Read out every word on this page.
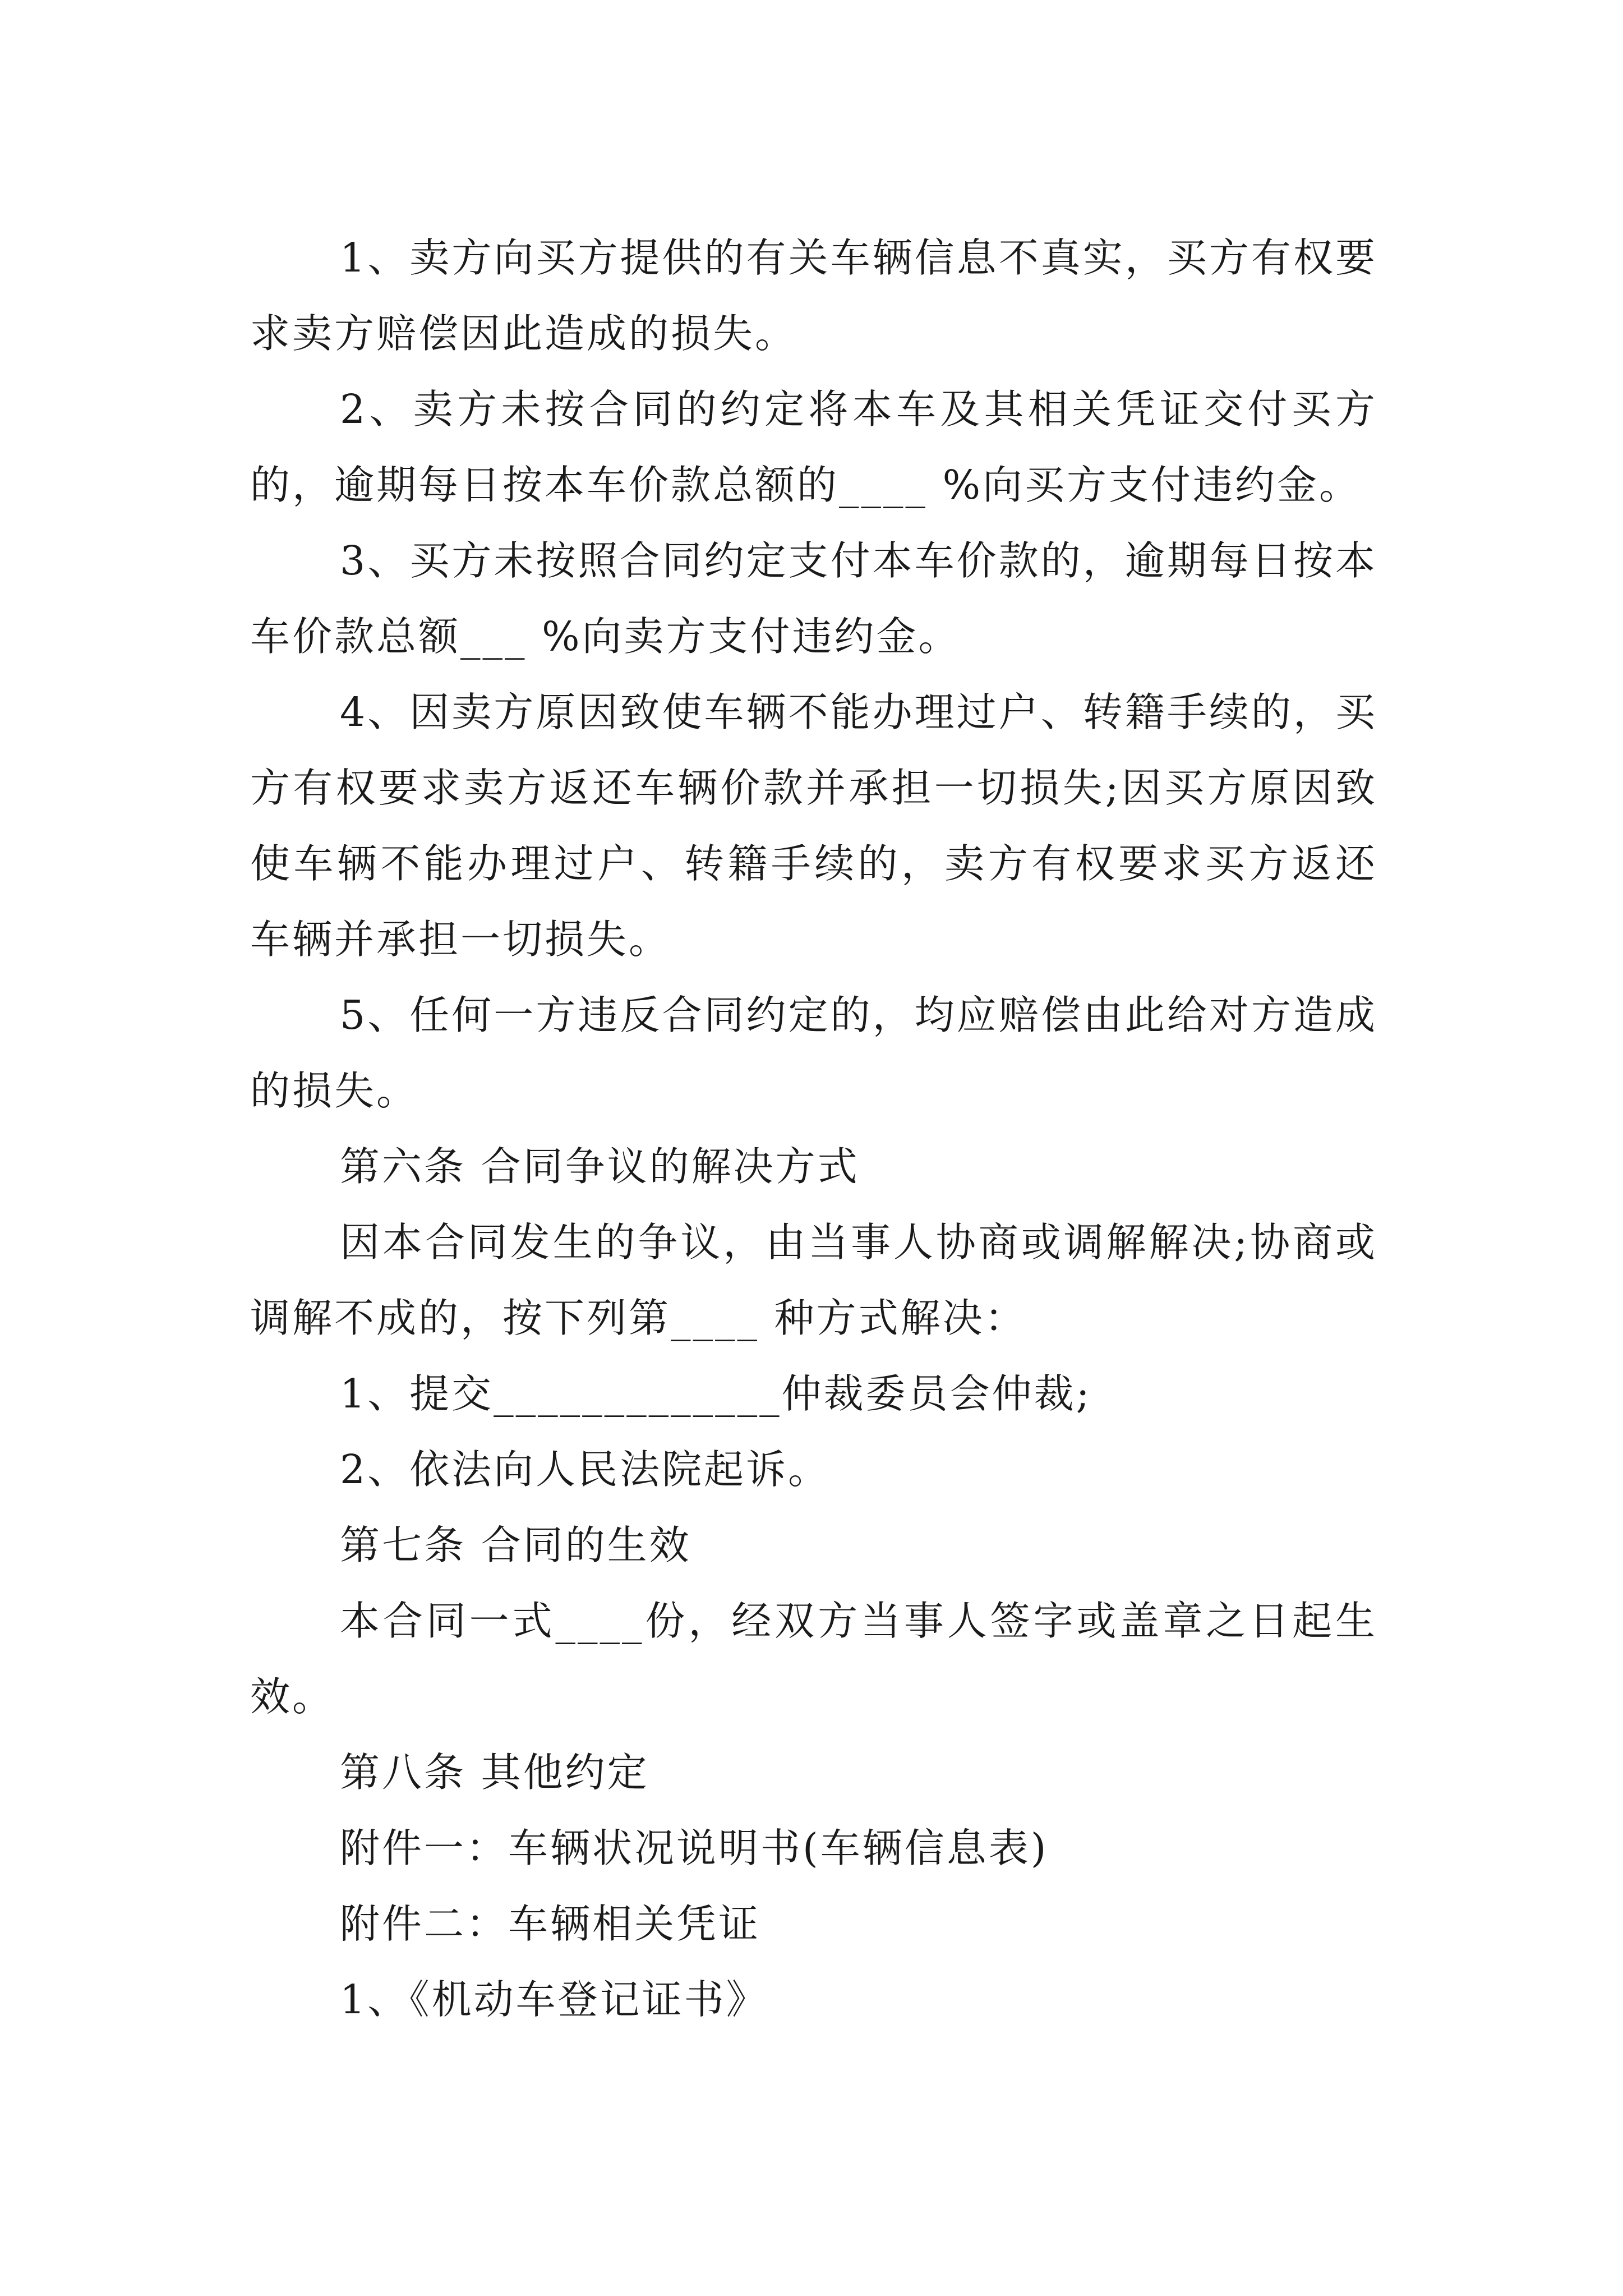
1、卖方向买方提供的有关车辆信息不真实，买方有权要求卖方赔偿因此造成的损失。

2、卖方未按合同的约定将本车及其相关凭证交付买方的，逾期每日按本车价款总额的____ %向买方支付违约金。

3、买方未按照合同约定支付本车价款的，逾期每日按本车价款总额___ %向卖方支付违约金。

4、因卖方原因致使车辆不能办理过户、转籍手续的，买方有权要求卖方返还车辆价款并承担一切损失;因买方原因致使车辆不能办理过户、转籍手续的，卖方有权要求买方返还车辆并承担一切损失。

5、任何一方违反合同约定的，均应赔偿由此给对方造成的损失。

第六条 合同争议的解决方式

因本合同发生的争议，由当事人协商或调解解决;协商或调解不成的，按下列第____ 种方式解决：

1、提交_____________仲裁委员会仲裁;

2、依法向人民法院起诉。

第七条 合同的生效

本合同一式____份，经双方当事人签字或盖章之日起生效。

第八条 其他约定

附件一：车辆状况说明书(车辆信息表)

附件二：车辆相关凭证

1、《机动车登记证书》
